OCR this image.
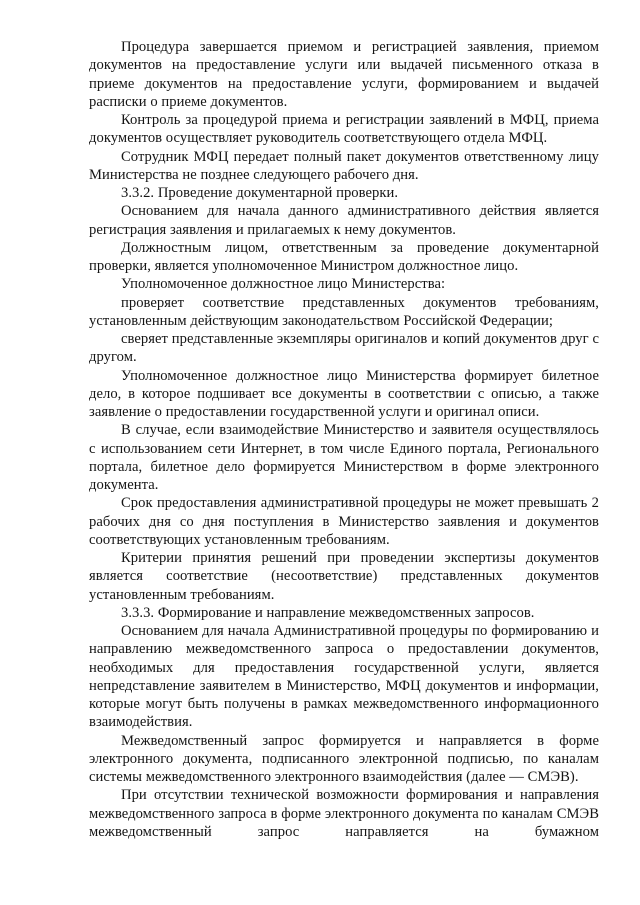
Процедура завершается приемом и регистрацией заявления, приемом документов на предоставление услуги или выдачей письменного отказа в приеме документов на предоставление услуги, формированием и выдачей расписки о приеме документов.

Контроль за процедурой приема и регистрации заявлений в МФЦ, приема документов осуществляет руководитель соответствующего отдела МФЦ.

Сотрудник МФЦ передает полный пакет документов ответственному лицу Министерства не позднее следующего рабочего дня.

3.3.2. Проведение документарной проверки.

Основанием для начала данного административного действия является регистрация заявления и прилагаемых к нему документов.

Должностным лицом, ответственным за проведение документарной проверки, является уполномоченное Министром должностное лицо.

Уполномоченное должностное лицо Министерства:

проверяет соответствие представленных документов требованиям, установленным действующим законодательством Российской Федерации;

сверяет представленные экземпляры оригиналов и копий документов друг с другом.

Уполномоченное должностное лицо Министерства формирует билетное дело, в которое подшивает все документы в соответствии с описью, а также заявление о предоставлении государственной услуги и оригинал описи.

В случае, если взаимодействие Министерство и заявителя осуществлялось с использованием сети Интернет, в том числе Единого портала, Регионального портала, билетное дело формируется Министерством в форме электронного документа.

Срок предоставления административной процедуры не может превышать 2 рабочих дня со дня поступления в Министерство заявления и документов соответствующих установленным требованиям.

Критерии принятия решений при проведении экспертизы документов является соответствие (несоответствие) представленных документов установленным требованиям.

3.3.3. Формирование и направление межведомственных запросов.

Основанием для начала Административной процедуры по формированию и направлению межведомственного запроса о предоставлении документов, необходимых для предоставления государственной услуги, является непредставление заявителем в Министерство, МФЦ документов и информации, которые могут быть получены в рамках межведомственного информационного взаимодействия.

Межведомственный запрос формируется и направляется в форме электронного документа, подписанного электронной подписью, по каналам системы межведомственного электронного взаимодействия (далее — СМЭВ).

При отсутствии технической возможности формирования и направления межведомственного запроса в форме электронного документа по каналам СМЭВ межведомственный запрос направляется на бумажном
